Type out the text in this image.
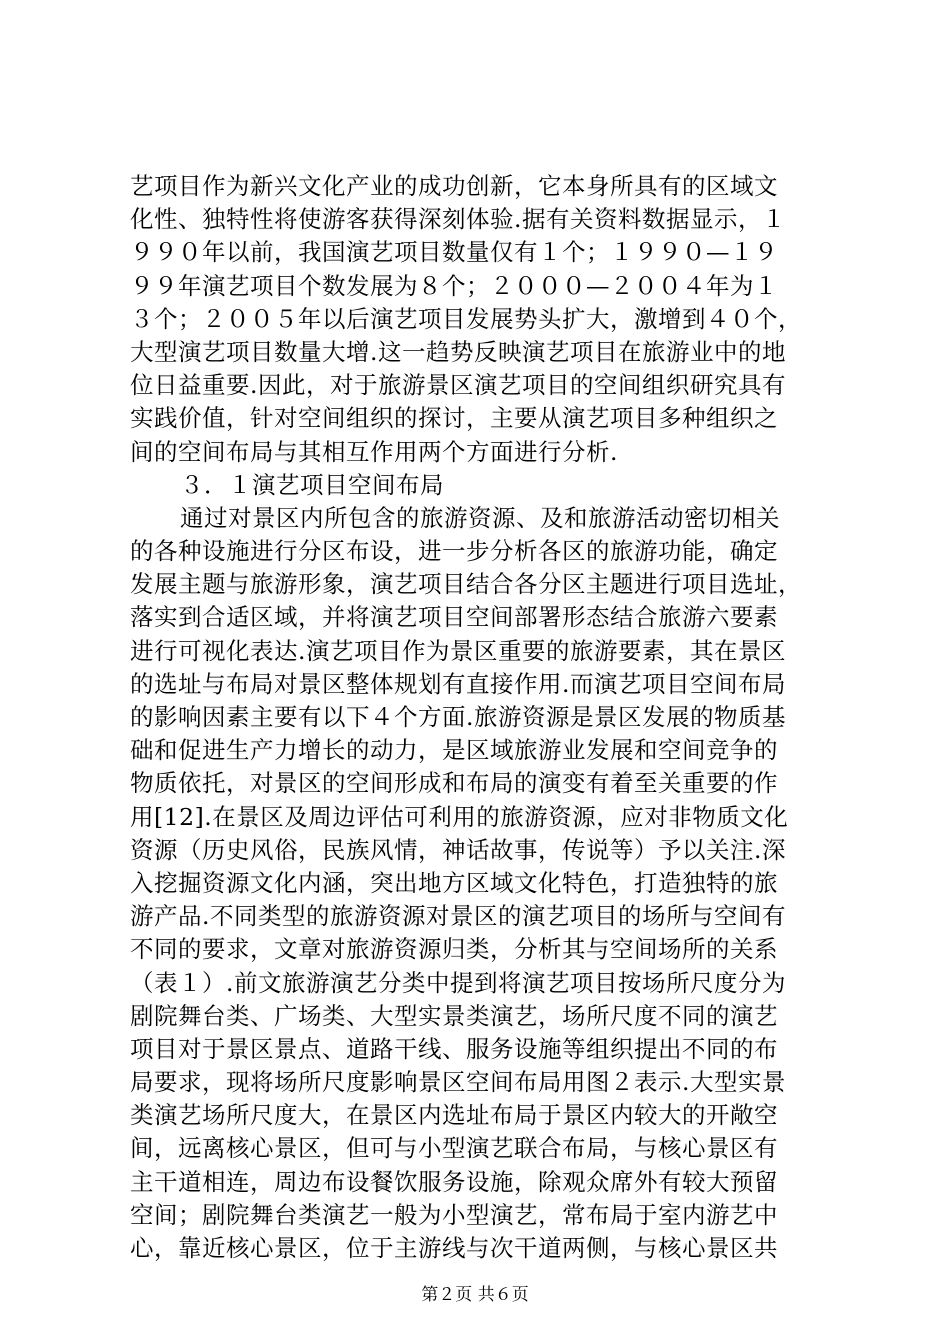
艺项目作为新兴文化产业的成功创新，它本身所具有的区域文
化性、独特性将使游客获得深刻体验.据有关资料数据显示，１
９９０年以前，我国演艺项目数量仅有１个；１９９０—１９
９９年演艺项目个数发展为８个；２０００—２００４年为１
３个；２００５年以后演艺项目发展势头扩大，激增到４０个，
大型演艺项目数量大增.这一趋势反映演艺项目在旅游业中的地
位日益重要.因此，对于旅游景区演艺项目的空间组织研究具有
实践价值，针对空间组织的探讨，主要从演艺项目多种组织之
间的空间布局与其相互作用两个方面进行分析.
３．１演艺项目空间布局
通过对景区内所包含的旅游资源、及和旅游活动密切相关
的各种设施进行分区布设，进一步分析各区的旅游功能，确定
发展主题与旅游形象，演艺项目结合各分区主题进行项目选址，
落实到合适区域，并将演艺项目空间部署形态结合旅游六要素
进行可视化表达.演艺项目作为景区重要的旅游要素，其在景区
的选址与布局对景区整体规划有直接作用.而演艺项目空间布局
的影响因素主要有以下４个方面.旅游资源是景区发展的物质基
础和促进生产力增长的动力，是区域旅游业发展和空间竞争的
物质依托，对景区的空间形成和布局的演变有着至关重要的作
用[12].在景区及周边评估可利用的旅游资源，应对非物质文化
资源（历史风俗，民族风情，神话故事，传说等）予以关注.深
入挖掘资源文化内涵，突出地方区域文化特色，打造独特的旅
游产品.不同类型的旅游资源对景区的演艺项目的场所与空间有
不同的要求，文章对旅游资源归类，分析其与空间场所的关系
（表１）.前文旅游演艺分类中提到将演艺项目按场所尺度分为
剧院舞台类、广场类、大型实景类演艺，场所尺度不同的演艺
项目对于景区景点、道路干线、服务设施等组织提出不同的布
局要求，现将场所尺度影响景区空间布局用图２表示.大型实景
类演艺场所尺度大，在景区内选址布局于景区内较大的开敞空
间，远离核心景区，但可与小型演艺联合布局，与核心景区有
主干道相连，周边布设餐饮服务设施，除观众席外有较大预留
空间；剧院舞台类演艺一般为小型演艺，常布局于室内游艺中
心，靠近核心景区，位于主游线与次干道两侧，与核心景区共
第２页 共６页
